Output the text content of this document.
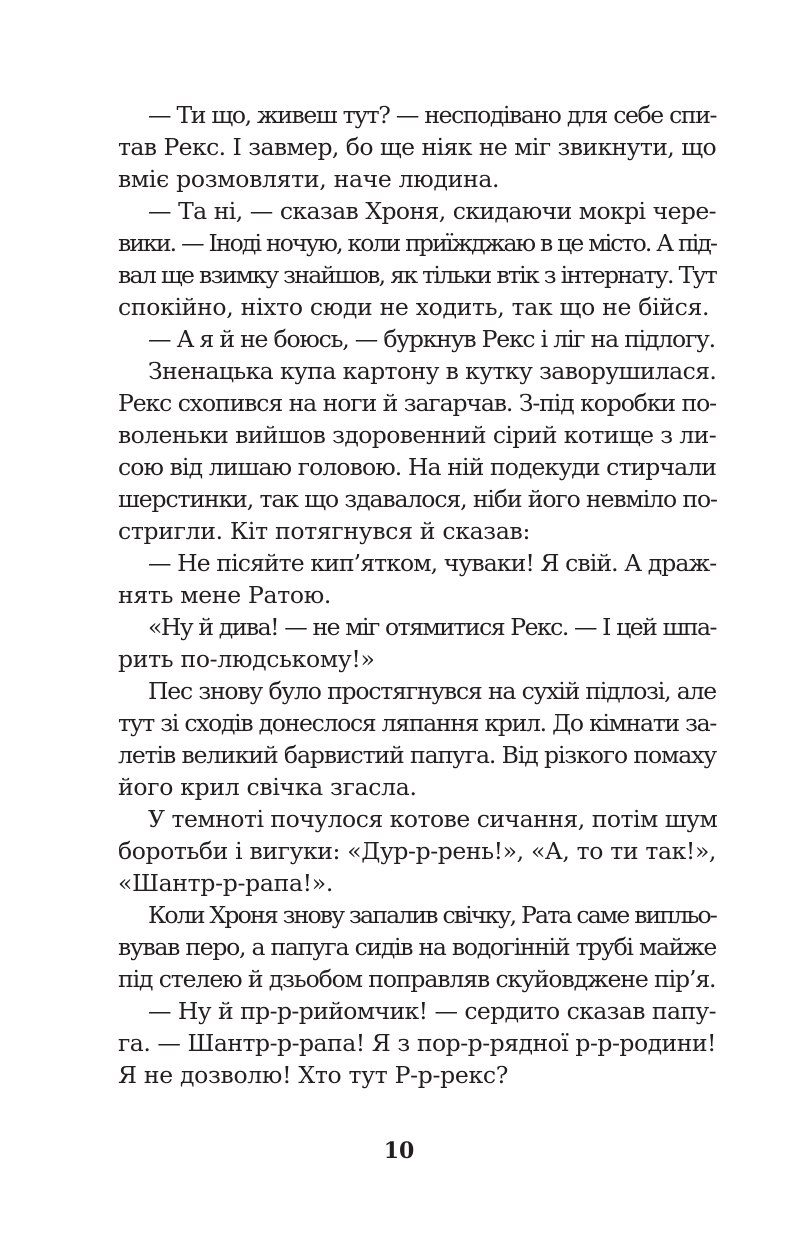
— Ти що, живеш тут? — несподівано для себе спи-
тав Рекс. І завмер, бо ще ніяк не міг звикнути, що
вміє розмовляти, наче людина.
— Та ні, — сказав Хроня, скидаючи мокрі чере-
вики. — Іноді ночую, коли приїжджаю в це місто. А під-
вал ще взимку знайшов, як тільки втік з інтернату. Тут
спокійно, ніхто сюди не ходить, так що не бійся.
— А я й не боюсь, — буркнув Рекс і ліг на підлогу.
Зненацька купа картону в кутку заворушилася.
Рекс схопився на ноги й загарчав. З-під коробки по-
воленьки вийшов здоровенний сірий котище з ли-
сою від лишаю головою. На ній подекуди стирчали
шерстинки, так що здавалося, ніби його невміло по-
стригли. Кіт потягнувся й сказав:
— Не пісяйте кип’ятком, чуваки! Я свій. А драж-
нять мене Ратою.
«Ну й дива! — не міг отямитися Рекс. — І цей шпа-
рить по-людському!»
Пес знову було простягнувся на сухій підлозі, але
тут зі сходів донеслося ляпання крил. До кімнати за-
летів великий барвистий папуга. Від різкого помаху
його крил свічка згасла.
У темноті почулося котове сичання, потім шум
боротьби і вигуки: «Дур-р-рень!», «А, то ти так!»,
«Шантр-р-рапа!».
Коли Хроня знову запалив свічку, Рата саме випльо-
вував перо, а папуга сидів на водогінній трубі майже
під стелею й дзьобом поправляв скуйовджене пір’я.
— Ну й пр-р-рийомчик! — сердито сказав папу-
га. — Шантр-р-рапа! Я з пор-р-рядної р-р-родини!
Я не дозволю! Хто тут Р-р-рекс?
10
